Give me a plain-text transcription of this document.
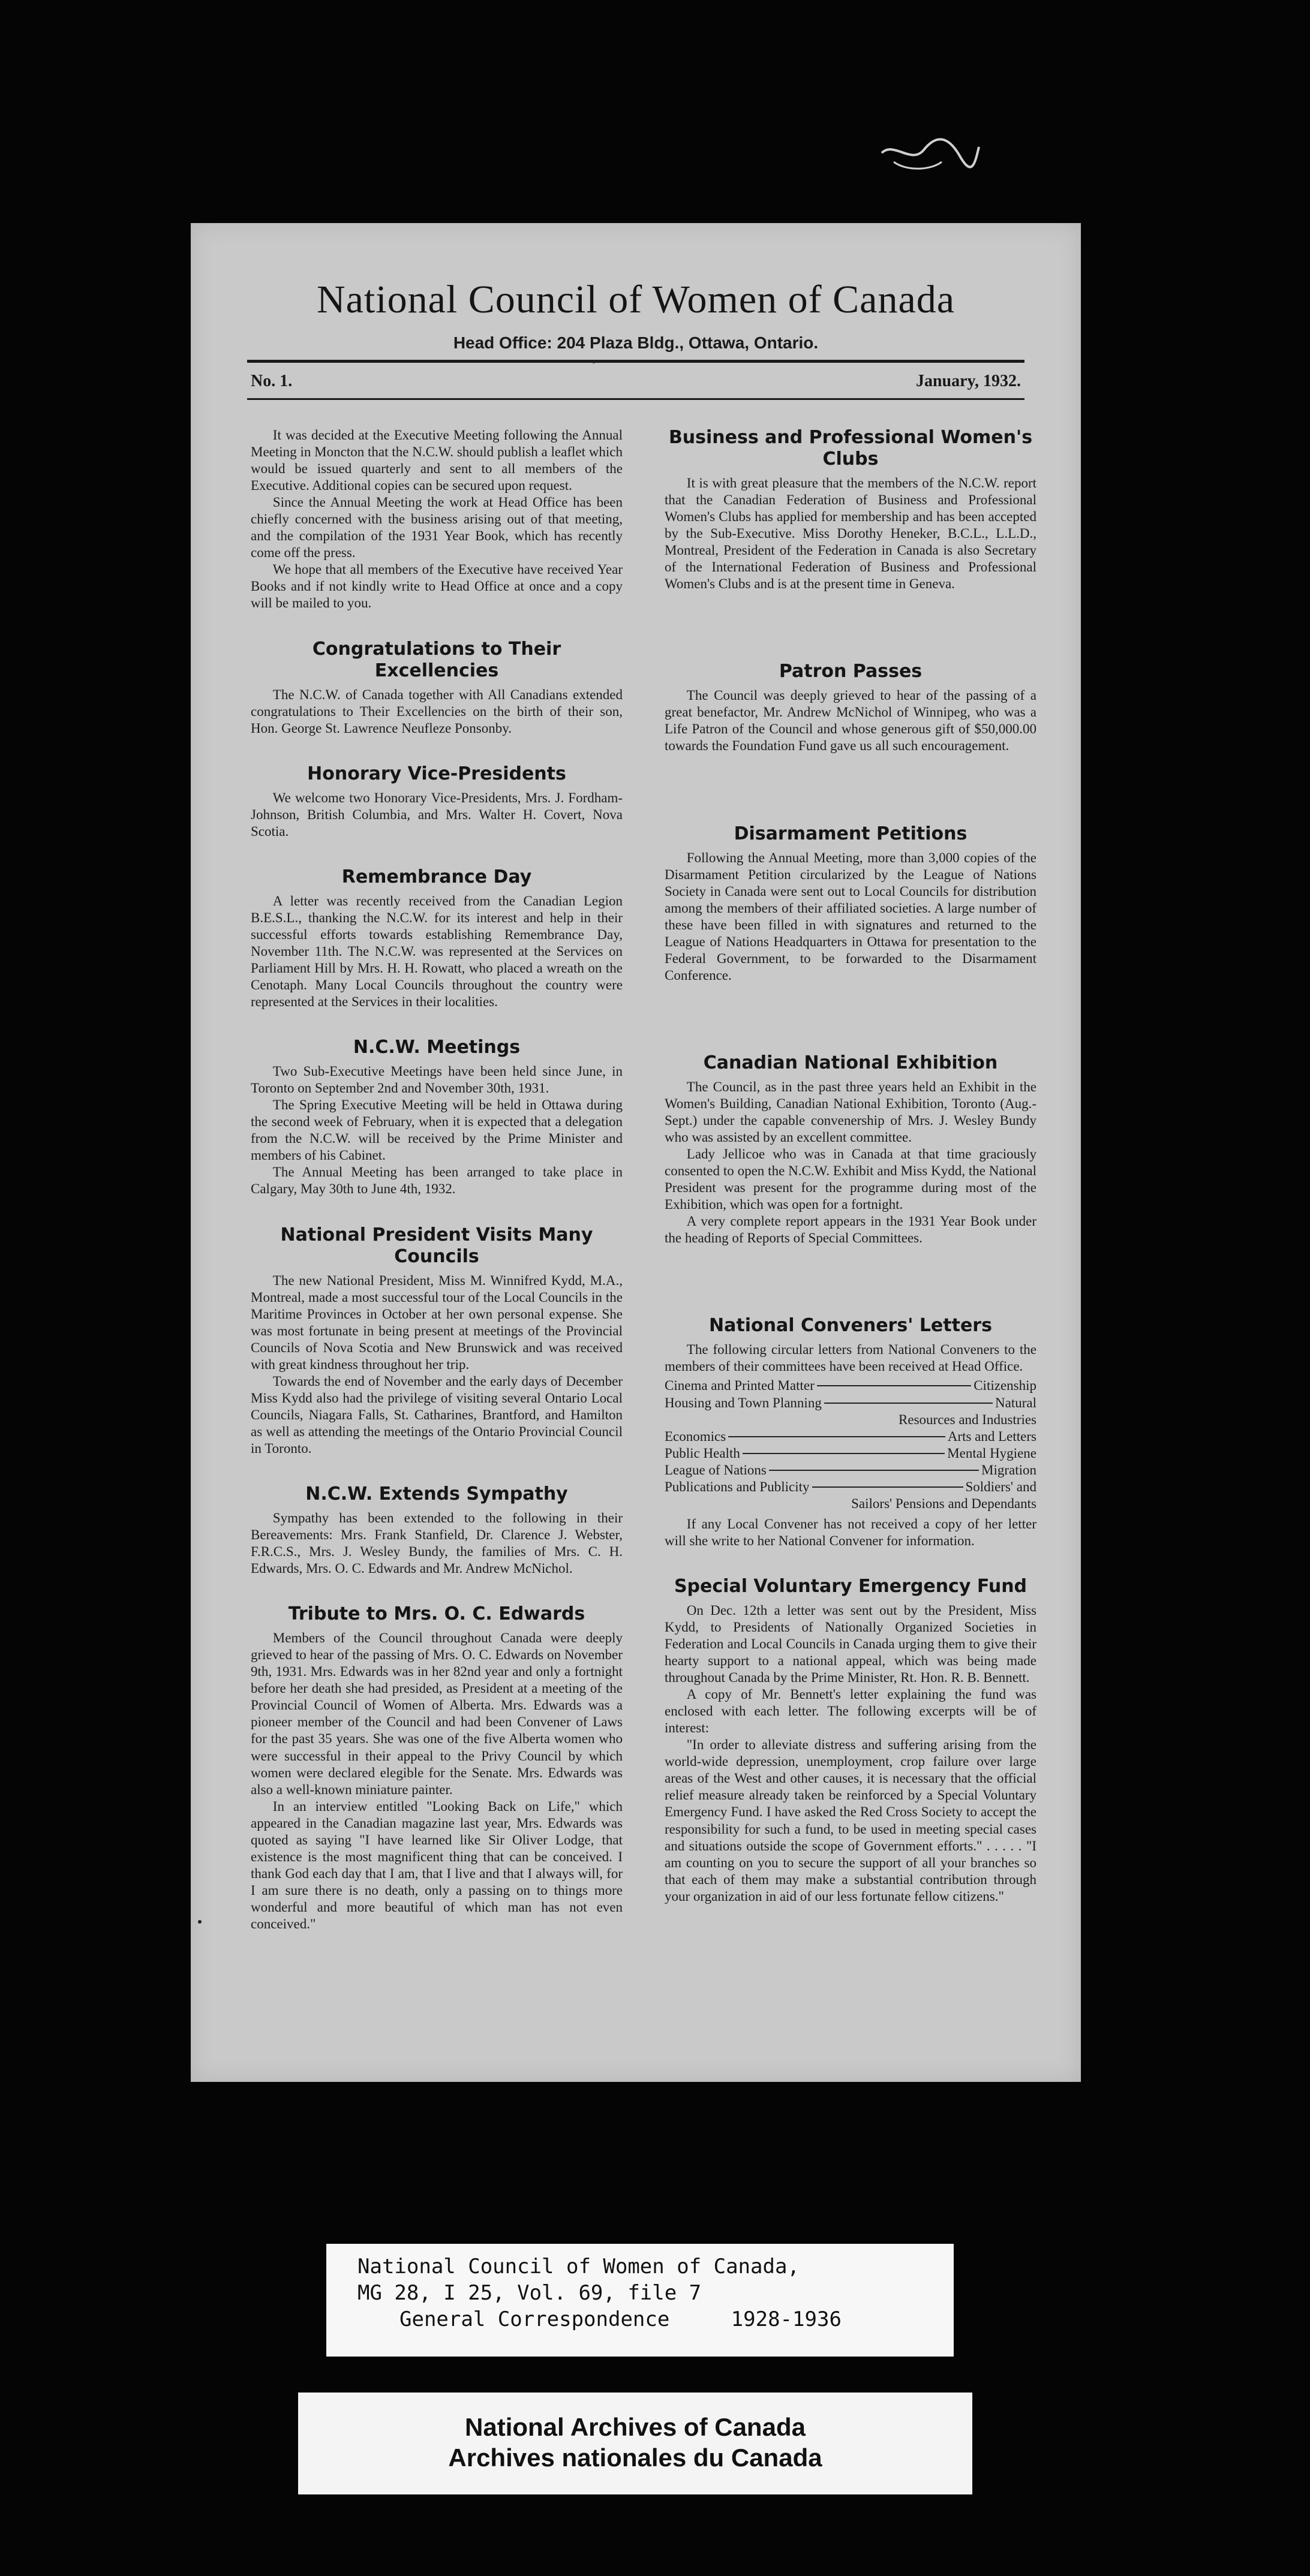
National Council of Women of Canada
Head Office: 204 Plaza Bldg., Ottawa, Ontario.
No. 1.	January, 1932.

It was decided at the Executive Meeting following the Annual Meeting in Moncton that the N.C.W. should publish a leaflet which would be issued quarterly and sent to all members of the Executive. Additional copies can be secured upon request.

Since the Annual Meeting the work at Head Office has been chiefly concerned with the business arising out of that meeting, and the compilation of the 1931 Year Book, which has recently come off the press.

We hope that all members of the Executive have received Year Books and if not kindly write to Head Office at once and a copy will be mailed to you.

Congratulations to Their Excellencies

The N.C.W. of Canada together with All Canadians extended congratulations to Their Excellencies on the birth of their son, Hon. George St. Lawrence Neufleze Ponsonby.

Honorary Vice-Presidents

We welcome two Honorary Vice-Presidents, Mrs. J. Fordham-Johnson, British Columbia, and Mrs. Walter H. Covert, Nova Scotia.

Remembrance Day

A letter was recently received from the Canadian Legion B.E.S.L., thanking the N.C.W. for its interest and help in their successful efforts towards establishing Remembrance Day, November 11th. The N.C.W. was represented at the Services on Parliament Hill by Mrs. H. H. Rowatt, who placed a wreath on the Cenotaph. Many Local Councils throughout the country were represented at the Services in their localities.

N.C.W. Meetings

Two Sub-Executive Meetings have been held since June, in Toronto on September 2nd and November 30th, 1931.

The Spring Executive Meeting will be held in Ottawa during the second week of February, when it is expected that a delegation from the N.C.W. will be received by the Prime Minister and members of his Cabinet.

The Annual Meeting has been arranged to take place in Calgary, May 30th to June 4th, 1932.

National President Visits Many Councils

The new National President, Miss M. Winnifred Kydd, M.A., Montreal, made a most successful tour of the Local Councils in the Maritime Provinces in October at her own personal expense. She was most fortunate in being present at meetings of the Provincial Councils of Nova Scotia and New Brunswick and was received with great kindness throughout her trip.

Towards the end of November and the early days of December Miss Kydd also had the privilege of visiting several Ontario Local Councils, Niagara Falls, St. Catharines, Brantford, and Hamilton as well as attending the meetings of the Ontario Provincial Council in Toronto.

N.C.W. Extends Sympathy

Sympathy has been extended to the following in their Bereavements: Mrs. Frank Stanfield, Dr. Clarence J. Webster, F.R.C.S., Mrs. J. Wesley Bundy, the families of Mrs. C. H. Edwards, Mrs. O. C. Edwards and Mr. Andrew McNichol.

Tribute to Mrs. O. C. Edwards

Members of the Council throughout Canada were deeply grieved to hear of the passing of Mrs. O. C. Edwards on November 9th, 1931. Mrs. Edwards was in her 82nd year and only a fortnight before her death she had presided, as President at a meeting of the Provincial Council of Women of Alberta. Mrs. Edwards was a pioneer member of the Council and had been Convener of Laws for the past 35 years. She was one of the five Alberta women who were successful in their appeal to the Privy Council by which women were declared elegible for the Senate. Mrs. Edwards was also a well-known miniature painter.

In an interview entitled "Looking Back on Life," which appeared in the Canadian magazine last year, Mrs. Edwards was quoted as saying "I have learned like Sir Oliver Lodge, that existence is the most magnificent thing that can be conceived. I thank God each day that I am, that I live and that I always will, for I am sure there is no death, only a passing on to things more wonderful and more beautiful of which man has not even conceived."

Business and Professional Women's Clubs

It is with great pleasure that the members of the N.C.W. report that the Canadian Federation of Business and Professional Women's Clubs has applied for membership and has been accepted by the Sub-Executive. Miss Dorothy Heneker, B.C.L., L.L.D., Montreal, President of the Federation in Canada is also Secretary of the International Federation of Business and Professional Women's Clubs and is at the present time in Geneva.

Patron Passes

The Council was deeply grieved to hear of the passing of a great benefactor, Mr. Andrew McNichol of Winnipeg, who was a Life Patron of the Council and whose generous gift of $50,000.00 towards the Foundation Fund gave us all such encouragement.

Disarmament Petitions

Following the Annual Meeting, more than 3,000 copies of the Disarmament Petition circularized by the League of Nations Society in Canada were sent out to Local Councils for distribution among the members of their affiliated societies. A large number of these have been filled in with signatures and returned to the League of Nations Headquarters in Ottawa for presentation to the Federal Government, to be forwarded to the Disarmament Conference.

Canadian National Exhibition

The Council, as in the past three years held an Exhibit in the Women's Building, Canadian National Exhibition, Toronto (Aug.-Sept.) under the capable convenership of Mrs. J. Wesley Bundy who was assisted by an excellent committee.

Lady Jellicoe who was in Canada at that time graciously consented to open the N.C.W. Exhibit and Miss Kydd, the National President was present for the programme during most of the Exhibition, which was open for a fortnight.

A very complete report appears in the 1931 Year Book under the heading of Reports of Special Committees.

National Conveners' Letters

The following circular letters from National Conveners to the members of their committees have been received at Head Office.

Cinema and Printed Matter	Citizenship
Housing and Town Planning	Natural
Resources and Industries
Economics	Arts and Letters
Public Health	Mental Hygiene
League of Nations	Migration
Publications and Publicity	Soldiers' and
Sailors' Pensions and Dependants

If any Local Convener has not received a copy of her letter will she write to her National Convener for information.

Special Voluntary Emergency Fund

On Dec. 12th a letter was sent out by the President, Miss Kydd, to Presidents of Nationally Organized Societies in Federation and Local Councils in Canada urging them to give their hearty support to a national appeal, which was being made throughout Canada by the Prime Minister, Rt. Hon. R. B. Bennett.

A copy of Mr. Bennett's letter explaining the fund was enclosed with each letter. The following excerpts will be of interest:

"In order to alleviate distress and suffering arising from the world-wide depression, unemployment, crop failure over large areas of the West and other causes, it is necessary that the official relief measure already taken be reinforced by a Special Voluntary Emergency Fund. I have asked the Red Cross Society to accept the responsibility for such a fund, to be used in meeting special cases and situations outside the scope of Government efforts." . . . . . "I am counting on you to secure the support of all your branches so that each of them may make a substantial contribution through your organization in aid of our less fortunate fellow citizens."

National Council of Women of Canada,
MG 28, I 25, Vol. 69, file 7
General Correspondence     1928-1936
National Archives of Canada
Archives nationales du Canada
